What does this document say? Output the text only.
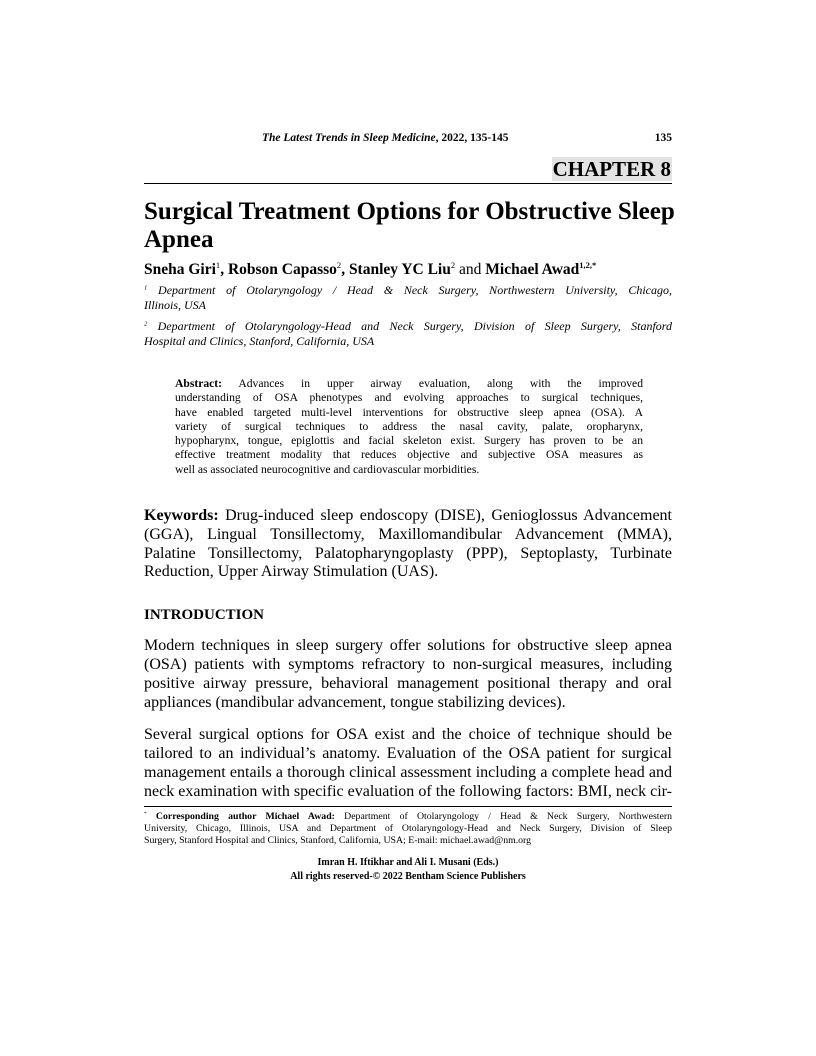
The Latest Trends in Sleep Medicine, 2022, 135-145	135
CHAPTER 8
Surgical Treatment Options for Obstructive Sleep
Apnea
Sneha Giri$^1$, Robson Capasso$^2$, Stanley YC Liu$^2$ and Michael Awad$^{1,2,*}$
$^1$ Department of Otolaryngology / Head & Neck Surgery, Northwestern University, Chicago,
Illinois, USA
$^2$ Department of Otolaryngology-Head and Neck Surgery, Division of Sleep Surgery, Stanford
Hospital and Clinics, Stanford, California, USA
Abstract: Advances in upper airway evaluation, along with the improved
understanding of OSA phenotypes and evolving approaches to surgical techniques,
have enabled targeted multi-level interventions for obstructive sleep apnea (OSA). A
variety of surgical techniques to address the nasal cavity, palate, oropharynx,
hypopharynx, tongue, epiglottis and facial skeleton exist. Surgery has proven to be an
effective treatment modality that reduces objective and subjective OSA measures as
well as associated neurocognitive and cardiovascular morbidities.
Keywords: Drug-induced sleep endoscopy (DISE), Genioglossus Advancement
(GGA), Lingual Tonsillectomy, Maxillomandibular Advancement (MMA),
Palatine Tonsillectomy, Palatopharyngoplasty (PPP), Septoplasty, Turbinate
Reduction, Upper Airway Stimulation (UAS).
INTRODUCTION
Modern techniques in sleep surgery offer solutions for obstructive sleep apnea
(OSA) patients with symptoms refractory to non-surgical measures, including
positive airway pressure, behavioral management positional therapy and oral
appliances (mandibular advancement, tongue stabilizing devices).
Several surgical options for OSA exist and the choice of technique should be
tailored to an individual’s anatomy. Evaluation of the OSA patient for surgical
management entails a thorough clinical assessment including a complete head and
neck examination with specific evaluation of the following factors: BMI, neck cir-
* Corresponding author Michael Awad: Department of Otolaryngology / Head & Neck Surgery, Northwestern
University, Chicago, Illinois, USA and Department of Otolaryngology-Head and Neck Surgery, Division of Sleep
Surgery, Stanford Hospital and Clinics, Stanford, California, USA; E-mail: michael.awad@nm.org
Imran H. Iftikhar and Ali I. Musani (Eds.)
All rights reserved-© 2022 Bentham Science Publishers
